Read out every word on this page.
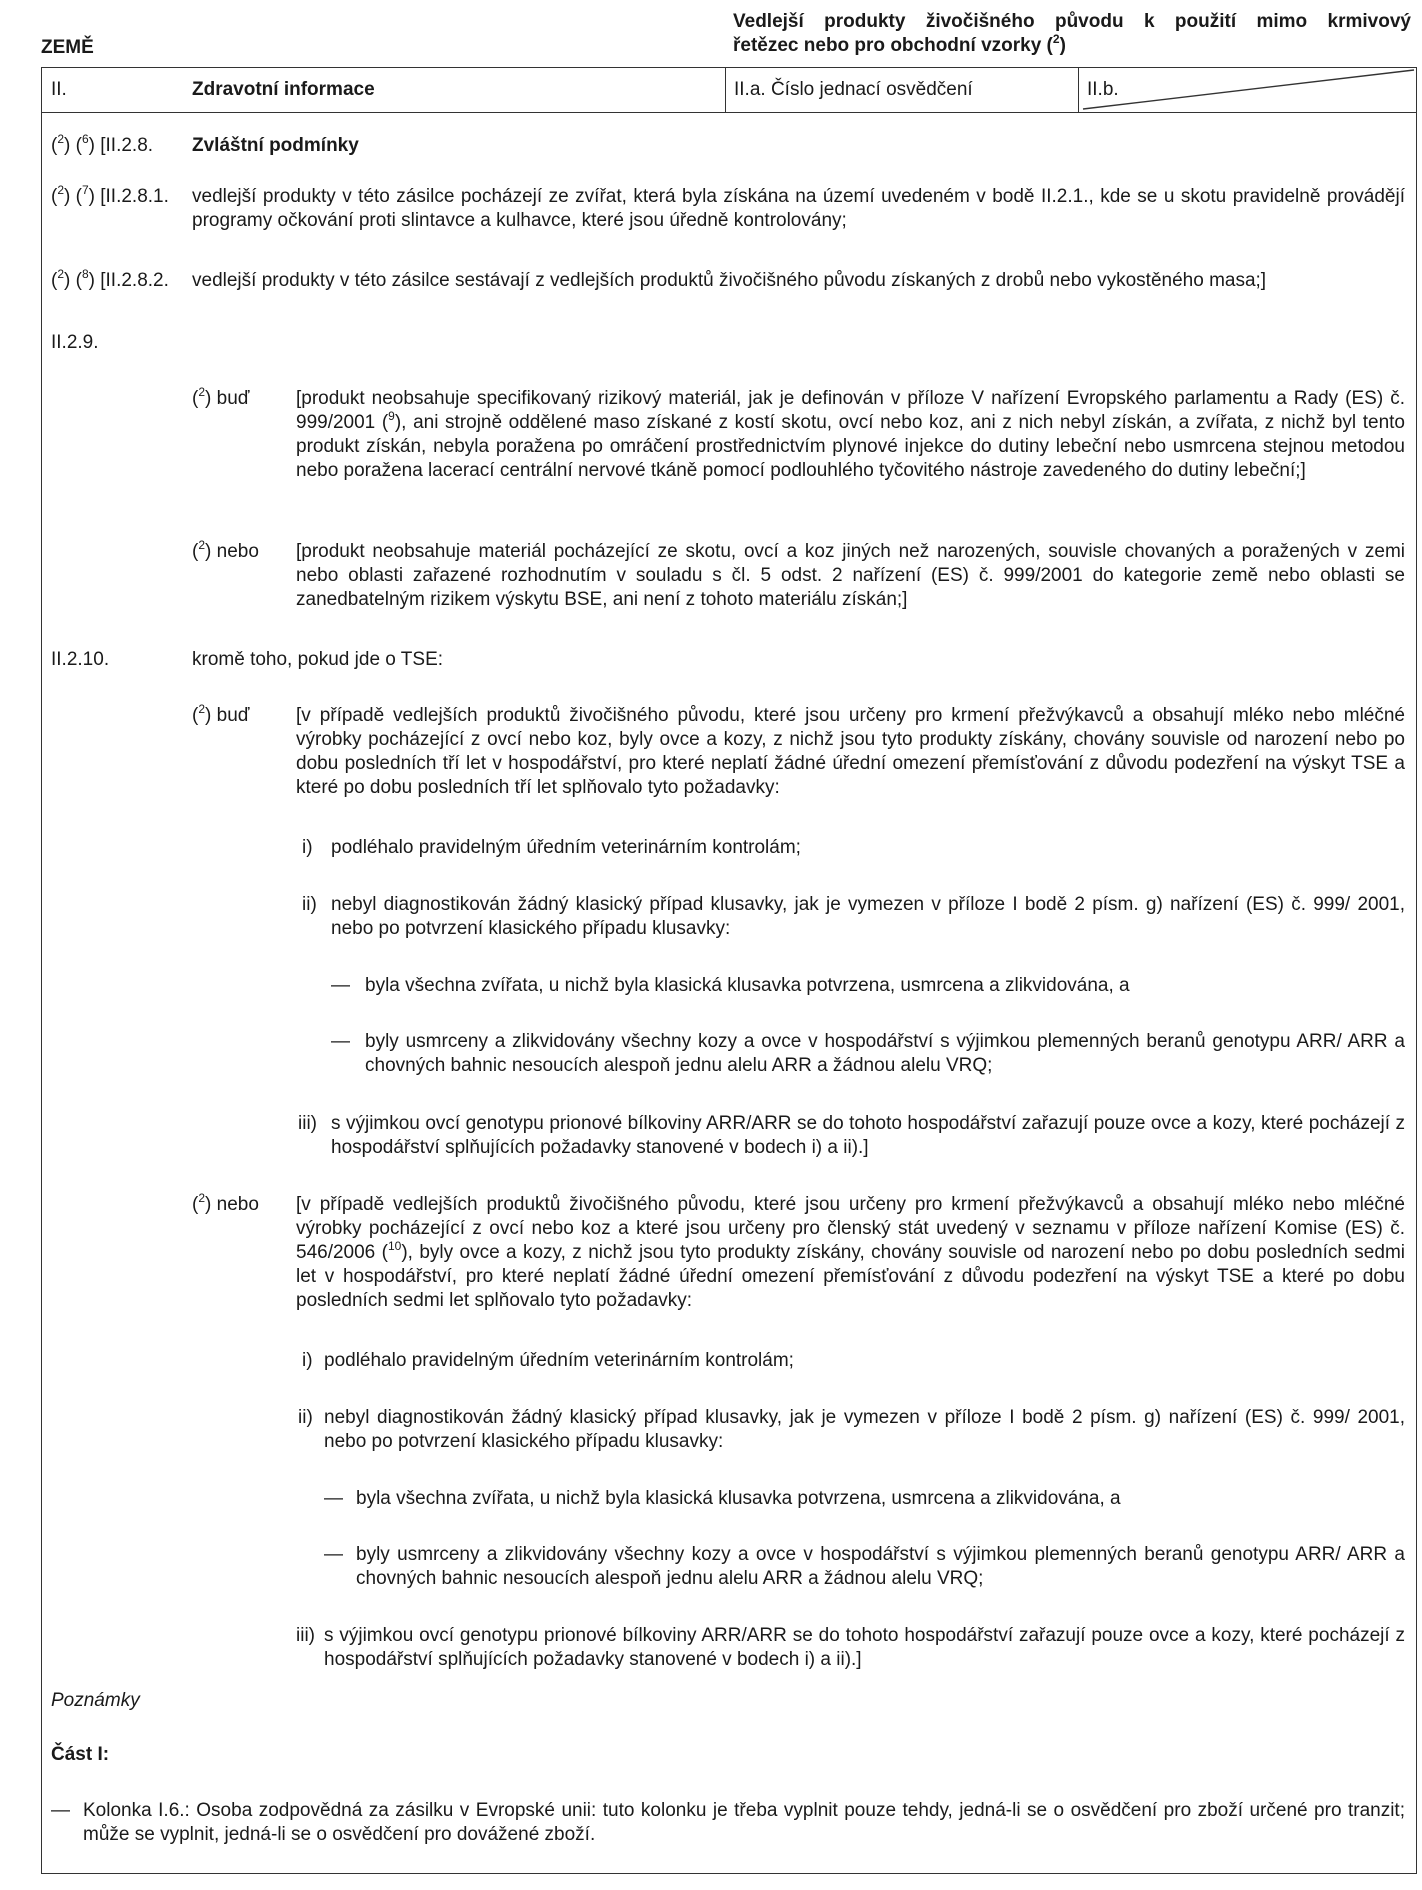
ZEMĚ
Vedlejší produkty živočišného původu k použití mimo krmivový
řetězec nebo pro obchodní vzorky ($^2$)
II.	Zdravotní informace	II.a. Číslo jednací osvědčení	II.b.
($^2$) ($^6$) [II.2.8. Zvláštní podmínky
($^2$) ($^7$) [II.2.8.1. vedlejší produkty v této zásilce pocházejí ze zvířat, která byla získána na území uvedeném v bodě II.2.1., kde se u skotu pravidelně provádějí programy očkování proti slintavce a kulhavce, které jsou úředně kontrolovány;
($^2$) ($^8$) [II.2.8.2. vedlejší produkty v této zásilce sestávají z vedlejších produktů živočišného původu získaných z drobů nebo vykostěného masa;]
II.2.9.
($^2$) buď [produkt neobsahuje specifikovaný rizikový materiál, jak je definován v příloze V nařízení Evropského parlamentu a Rady (ES) č. 999/2001 ($^9$), ani strojně oddělené maso získané z kostí skotu, ovcí nebo koz, ani z nich nebyl získán, a zvířata, z nichž byl tento produkt získán, nebyla poražena po omráčení prostřednictvím plynové injekce do dutiny lebeční nebo usmrcena stejnou metodou nebo poražena lacerací centrální nervové tkáně pomocí podlouhlého tyčovitého nástroje zavedeného do dutiny lebeční;]
($^2$) nebo [produkt neobsahuje materiál pocházející ze skotu, ovcí a koz jiných než narozených, souvisle chovaných a poražených v zemi nebo oblasti zařazené rozhodnutím v souladu s čl. 5 odst. 2 nařízení (ES) č. 999/2001 do kategorie země nebo oblasti se zanedbatelným rizikem výskytu BSE, ani není z tohoto materiálu získán;]
II.2.10.	kromě toho, pokud jde o TSE:
($^2$) buď [v případě vedlejších produktů živočišného původu, které jsou určeny pro krmení přežvýkavců a obsahují mléko nebo mléčné výrobky pocházející z ovcí nebo koz, byly ovce a kozy, z nichž jsou tyto produkty získány, chovány souvisle od narození nebo po dobu posledních tří let v hospodářství, pro které neplatí žádné úřední omezení přemísťování z důvodu podezření na výskyt TSE a které po dobu posledních tří let splňovalo tyto požadavky:
i) podléhalo pravidelným úředním veterinárním kontrolám;
ii) nebyl diagnostikován žádný klasický případ klusavky, jak je vymezen v příloze I bodě 2 písm. g) nařízení (ES) č. 999/ 2001, nebo po potvrzení klasického případu klusavky:
— byla všechna zvířata, u nichž byla klasická klusavka potvrzena, usmrcena a zlikvidována, a
— byly usmrceny a zlikvidovány všechny kozy a ovce v hospodářství s výjimkou plemenných beranů genotypu ARR/ ARR a chovných bahnic nesoucích alespoň jednu alelu ARR a žádnou alelu VRQ;
iii) s výjimkou ovcí genotypu prionové bílkoviny ARR/ARR se do tohoto hospodářství zařazují pouze ovce a kozy, které pocházejí z hospodářství splňujících požadavky stanovené v bodech i) a ii).]
($^2$) nebo [v případě vedlejších produktů živočišného původu, které jsou určeny pro krmení přežvýkavců a obsahují mléko nebo mléčné výrobky pocházející z ovcí nebo koz a které jsou určeny pro členský stát uvedený v seznamu v příloze nařízení Komise (ES) č. 546/2006 ($^{10}$), byly ovce a kozy, z nichž jsou tyto produkty získány, chovány souvisle od narození nebo po dobu posledních sedmi let v hospodářství, pro které neplatí žádné úřední omezení přemísťování z důvodu podezření na výskyt TSE a které po dobu posledních sedmi let splňovalo tyto požadavky:
i) podléhalo pravidelným úředním veterinárním kontrolám;
ii) nebyl diagnostikován žádný klasický případ klusavky, jak je vymezen v příloze I bodě 2 písm. g) nařízení (ES) č. 999/ 2001, nebo po potvrzení klasického případu klusavky:
— byla všechna zvířata, u nichž byla klasická klusavka potvrzena, usmrcena a zlikvidována, a
— byly usmrceny a zlikvidovány všechny kozy a ovce v hospodářství s výjimkou plemenných beranů genotypu ARR/ ARR a chovných bahnic nesoucích alespoň jednu alelu ARR a žádnou alelu VRQ;
iii) s výjimkou ovcí genotypu prionové bílkoviny ARR/ARR se do tohoto hospodářství zařazují pouze ovce a kozy, které pocházejí z hospodářství splňujících požadavky stanovené v bodech i) a ii).]
Poznámky
Část I:
— Kolonka I.6.: Osoba zodpovědná za zásilku v Evropské unii: tuto kolonku je třeba vyplnit pouze tehdy, jedná-li se o osvědčení pro zboží určené pro tranzit; může se vyplnit, jedná-li se o osvědčení pro dovážené zboží.
